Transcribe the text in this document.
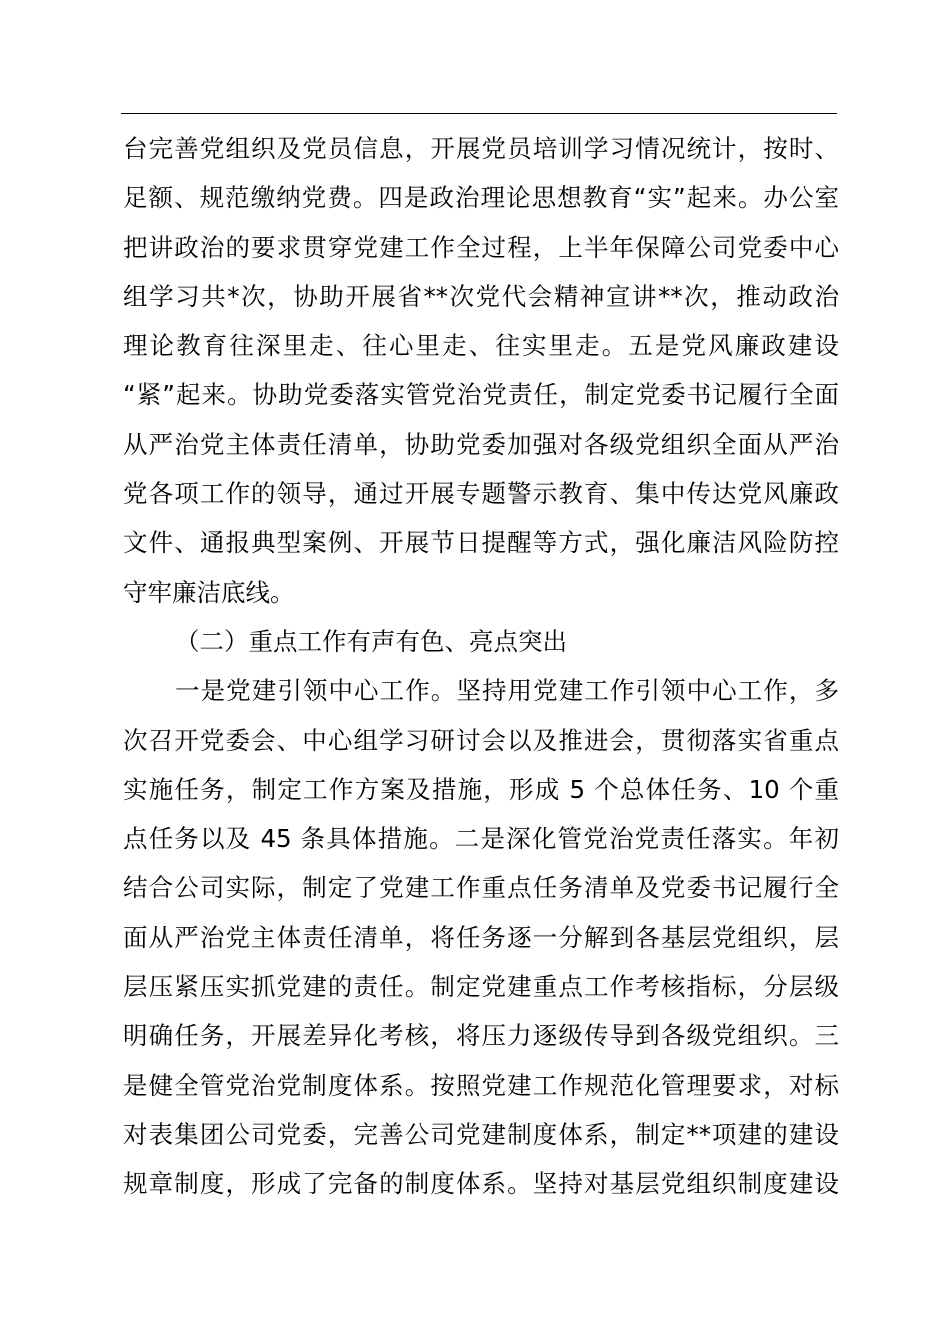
台完善党组织及党员信息，开展党员培训学习情况统计，按时、
足额、规范缴纳党费。四是政治理论思想教育“实”起来。办公室
把讲政治的要求贯穿党建工作全过程，上半年保障公司党委中心
组学习共*次，协助开展省**次党代会精神宣讲**次，推动政治
理论教育往深里走、往心里走、往实里走。五是党风廉政建设
“紧”起来。协助党委落实管党治党责任，制定党委书记履行全面
从严治党主体责任清单，协助党委加强对各级党组织全面从严治
党各项工作的领导，通过开展专题警示教育、集中传达党风廉政
文件、通报典型案例、开展节日提醒等方式，强化廉洁风险防控
守牢廉洁底线。
（二）重点工作有声有色、亮点突出
一是党建引领中心工作。坚持用党建工作引领中心工作，多
次召开党委会、中心组学习研讨会以及推进会，贯彻落实省重点
实施任务，制定工作方案及措施，形成 5 个总体任务、10 个重
点任务以及 45 条具体措施。二是深化管党治党责任落实。年初
结合公司实际，制定了党建工作重点任务清单及党委书记履行全
面从严治党主体责任清单，将任务逐一分解到各基层党组织，层
层压紧压实抓党建的责任。制定党建重点工作考核指标，分层级
明确任务，开展差异化考核，将压力逐级传导到各级党组织。三
是健全管党治党制度体系。按照党建工作规范化管理要求，对标
对表集团公司党委，完善公司党建制度体系，制定**项建的建设
规章制度，形成了完备的制度体系。坚持对基层党组织制度建设
